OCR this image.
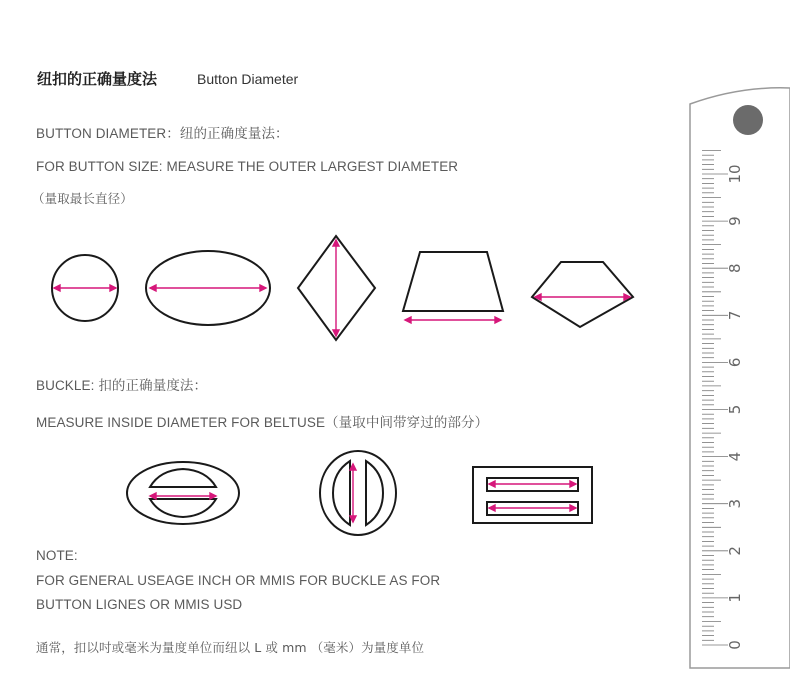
纽扣的正确量度法	Button Diameter
BUTTON DIAMETER：纽的正确度量法：
FOR BUTTON SIZE: MEASURE THE OUTER LARGEST DIAMETER
（量取最长直径）
0
1
2
3
4
5
6
7
8
9
10
BUCKLE: 扣的正确量度法：
MEASURE INSIDE DIAMETER FOR BELTUSE（量取中间带穿过的部分）
NOTE:
FOR GENERAL USEAGE INCH OR MMIS FOR BUCKLE AS FOR
BUTTON LIGNES OR MMIS USD
通常，扣以吋或毫米为量度单位而纽以 L 或 mm （毫米）为量度单位
